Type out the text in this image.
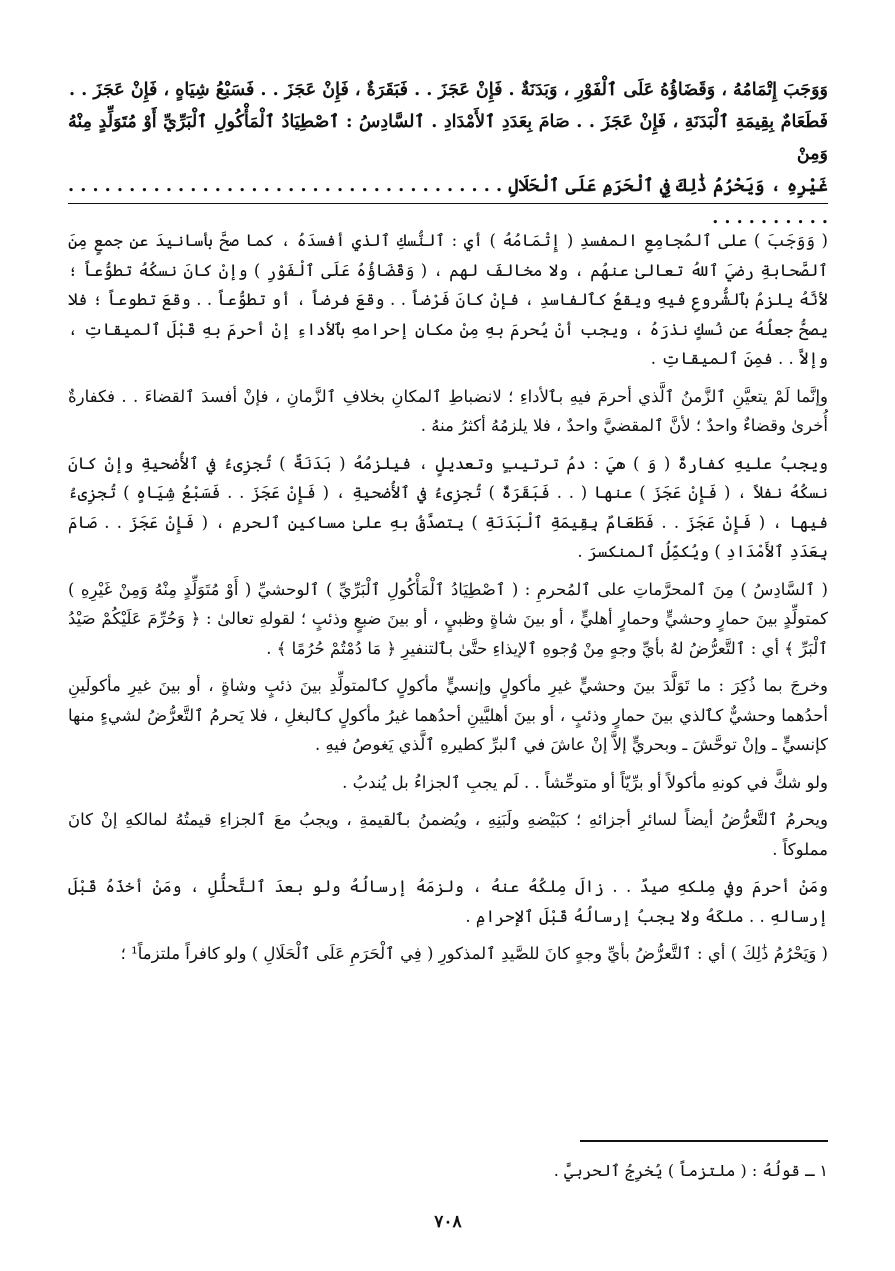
وَوَجَبَ إِتْمَامُهُ ، وَقَضَاؤُهُ عَلَى ٱلْفَوْرِ ، وَبَدَنَةٌ . فَإِنْ عَجَزَ . . فَبَقَرَةٌ ، فَإِنْ عَجَزَ . . فَسَبْعُ شِيَاهٍ ، فَإِنْ عَجَزَ . .

فَطَعَامٌ بِقِيمَةِ ٱلْبَدَنَةِ ، فَإِنْ عَجَزَ . . صَامَ بِعَدَدِ ٱلأَمْدَادِ . ٱلسَّادِسُ : ٱصْطِيَادُ ٱلْمَأْكُولِ ٱلْبَرِّيِّ أَوْ مُتَوَلِّدٍ مِنْهُ وَمِنْ

غَيْرِهِ ، وَيَحْرُمُ ذَٰلِكَ فِي ٱلْحَرَمِ عَلَى ٱلْحَلَالِ . . . . . . . . . . . . . . . . . . . . . . . . . . . . . . . . . . . . . . . . . . . . . .

( وَوَجَبَ ) على ٱلمُجامِعِ المفسدِ ( إِتْمَامُهُ ) أي : ٱلنُّسكِ ٱلذي أفسدَهُ ، كما صحَّ بأسانيدَ عن جمعٍ مِنَ ٱلصَّحابةِ رضيَ ٱللهُ تعالىٰ عنهُم ، ولا مخالفَ لهم ، ( وَقَضَاؤُهُ عَلَى ٱلْفَوْرِ ) وإنْ كانَ نسكُهُ تطوُّعاً ؛ لأنَّهُ يلزمُ بٱلشُّروعِ فيهِ ويقعُ كٱلفاسدِ ، فإنْ كانَ فَرْضاً . . وقعَ فرضاً ، أو تطوُّعاً . . وقعَ تطوعاً ؛ فلا يصحُّ جعلُهُ عن نُسكٍ نذرَهُ ، ويجب أنْ يُحرمَ بهِ مِنْ مكانِ إحرامهِ بٱلأداءِ إنْ أحرمَ بهِ قَبْلَ ٱلميقاتِ ، وإلاَّ . . فمِنَ ٱلميقاتِ .

وإنَّما لَمْ يتعيَّنِ ٱلزَّمنُ ٱلَّذي أحرمَ فيهِ بٱلأداءِ ؛ لانضباطِ ٱلمكانِ بخلافِ ٱلزَّمانِ ، فإنْ أفسدَ ٱلقضاءَ . . فكفارةٌ أُخرىٰ وقضاءٌ واحدٌ ؛ لأنَّ ٱلمقضيَّ واحدٌ ، فلا يلزمُهُ أكثرُ منهُ .

ويجبُ عليهِ كفارةٌ ( وَ ) هيَ : دمُ ترتيبٍ وتعديلٍ ، فيلزمُهُ ( بَدَنَةٌ ) تُجزِىءُ في ٱلأُضحيةِ وإنْ كانَ نسكُهُ نفلاً ، ( فَإِنْ عَجَزَ ) عنها ( . . فَبَقَرَةٌ ) تُجزِىءُ في ٱلأُضحيةِ ، ( فَإِنْ عَجَزَ . . فَسَبْعُ شِيَاهٍ ) تُجزِىءُ فيها ، ( فَإِنْ عَجَزَ . . فَطَعَامٌ بِقِيمَةِ ٱلْبَدَنَةِ ) يتصدَّقُ بهِ علىٰ مساكينِ ٱلحرمِ ، ( فَإِنْ عَجَزَ . . صَامَ بِعَدَدِ ٱلأَمْدَادِ ) ويُكمِّلُ ٱلمنكسرَ .

( ٱلسَّادِسُ ) مِنَ ٱلمحرَّماتِ على ٱلمُحرمِ : ( ٱصْطِيَادُ ٱلْمَأْكُولِ ٱلْبَرِّيِّ ) ٱلوحشيِّ ( أَوْ مُتَوَلِّدٍ مِنْهُ وَمِنْ غَيْرِهِ ) كمتولِّدٍ بينَ حمارٍ وحشيٍّ وحمارٍ أهليٍّ ، أو بينَ شاةٍ وظبيٍ ، أو بينَ ضبعٍ وذئبٍ ؛ لقولهِ تعالىٰ : ﴿ وَحُرِّمَ عَلَيْكُمْ صَيْدُ ٱلْبَرِّ ﴾ أي : ٱلتَّعرُّضُ لهُ بأيِّ وجهٍ مِنْ وُجوهِ ٱلإيذاءِ حتَّىٰ بٱلتنفيرِ ﴿ مَا دُمْتُمْ حُرُمًا ﴾ .

وخرجَ بما ذُكِرَ : ما تَوَلَّدَ بينَ وحشيٍّ غيرِ مأكولٍ وإنسيٍّ مأكولٍ كٱلمتولِّدِ بينَ ذئبٍ وشاةٍ ، أو بينَ غيرِ مأكولَينِ أحدُهما وحشيٌّ كٱلذي بينَ حمارٍ وذئبٍ ، أو بينَ أهليَّينِ أحدُهما غيرُ مأكولٍ كٱلبغلِ ، فلا يَحرمُ ٱلتَّعرُّضُ لشيءٍ منها كإنسيٍّ ـ وإنْ توحَّشَ ـ وبحريٍّ إلاَّ إنْ عاشَ في ٱلبرِّ كطيرهِ ٱلَّذي يَغوصُ فيهِ .

ولو شكَّ في كونهِ مأكولاً أو برِّيّاً أو متوحِّشاً . . لَم يجبِ ٱلجزاءُ بل يُندبُ .

ويحرمُ ٱلتَّعرُّضُ أيضاً لسائرِ أجزائهِ ؛ كبَيْضهِ ولَبَنِهِ ، ويُضمنُ بٱلقيمةِ ، ويجبُ معَ ٱلجزاءِ قيمتُهُ لمالكهِ إنْ كانَ مملوكاً .

ومَنْ أحرمَ وفي مِلكهِ صيدٌ . . زالَ مِلكُهُ عنهُ ، ولزمَهُ إرسالُهُ ولو بعدَ ٱلتَّحلُّلِ ، ومَنْ أخذَهُ قَبْلَ إرسالهِ . . ملكَهُ ولا يجبُ إرسالُهُ قَبْلَ ٱلإحرامِ .

( وَيَحْرُمُ ذَٰلِكَ ) أي : ٱلتَّعرُّضُ بأيِّ وجهٍ كانَ للصَّيدِ ٱلمذكورِ ( فِي ٱلْحَرَمِ عَلَى ٱلْحَلَالِ ) ولو كافراً ملتزماً¹ ؛

١ ـ قولُهُ : ( ملتزماً ) يُخرِجُ ٱلحربيَّ .
٧٠٨
